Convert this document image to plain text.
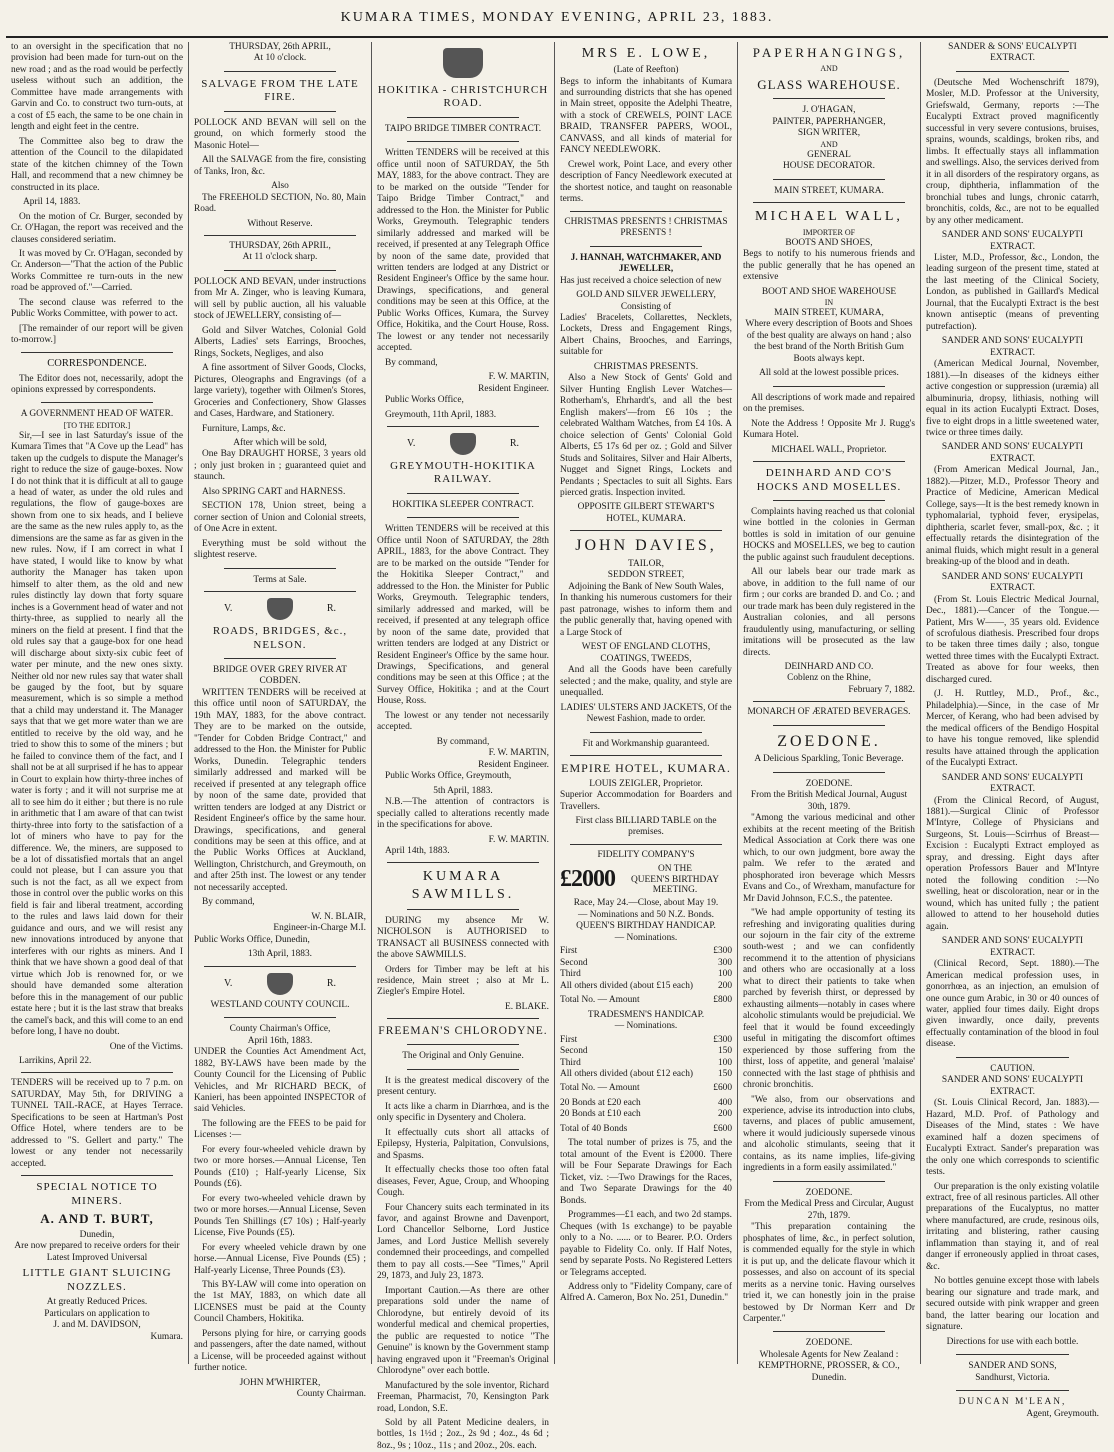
KUMARA TIMES, MONDAY EVENING, APRIL 23, 1883.

to an oversight in the specification that no provision had been made for turn-out on the new road ; and as the road would be perfectly useless without such an addition, the Committee have made arrangements with Garvin and Co. to construct two turn-outs, at a cost of £5 each, the same to be one chain in length and eight feet in the centre.

The Committee also beg to draw the attention of the Council to the dilapidated state of the kitchen chimney of the Town Hall, and recommend that a new chimney be constructed in its place.

April 14, 1883.

On the motion of Cr. Burger, seconded by Cr. O'Hagan, the report was received and the clauses considered seriatim.

It was moved by Cr. O'Hagan, seconded by Cr. Anderson—"That the action of the Public Works Committee re turn-outs in the new road be approved of."—Carried.

The second clause was referred to the Public Works Committee, with power to act.

[The remainder of our report will be given to-morrow.]

CORRESPONDENCE.

The Editor does not, necessarily, adopt the opinions expressed by correspondents.

A GOVERNMENT HEAD OF WATER.
[TO THE EDITOR.]

Sir,—I see in last Saturday's issue of the Kumara Times that "A Cove up the Lead" has taken up the cudgels to dispute the Manager's right to reduce the size of gauge-boxes. Now I do not think that it is difficult at all to gauge a head of water, as under the old rules and regulations, the flow of gauge-boxes are shown from one to six heads, and I believe are the same as the new rules apply to, as the dimensions are the same as far as given in the new rules. Now, if I am correct in what I have stated, I would like to know by what authority the Manager has taken upon himself to alter them, as the old and new rules distinctly lay down that forty square inches is a Government head of water and not thirty-three, as supplied to nearly all the miners on the field at present. I find that the old rules say that a gauge-box for one head will discharge about sixty-six cubic feet of water per minute, and the new ones sixty. Neither old nor new rules say that water shall be gauged by the foot, but by square measurement, which is so simple a method that a child may understand it. The Manager says that that we get more water than we are entitled to receive by the old way, and he tried to show this to some of the miners ; but he failed to convince them of the fact, and I shall not be at all surprised if he has to appear in Court to explain how thirty-three inches of water is forty ; and it will not surprise me at all to see him do it either ; but there is no rule in arithmetic that I am aware of that can twist thirty-three into forty to the satisfaction of a lot of miners who have to pay for the difference. We, the miners, are supposed to be a lot of dissatisfied mortals that an angel could not please, but I can assure you that such is not the fact, as all we expect from those in control over the public works on this field is fair and liberal treatment, according to the rules and laws laid down for their guidance and ours, and we will resist any new innovations introduced by anyone that interferes with our rights as miners. And I think that we have shown a good deal of that virtue which Job is renowned for, or we should have demanded some alteration before this in the management of our public estate here ; but it is the last straw that breaks the camel's back, and this will come to an end before long, I have no doubt.

One of the Victims.

Larrikins, April 22.

TENDERS will be received up to 7 p.m. on SATURDAY, May 5th, for DRIVING a TUNNEL TAIL-RACE, at Hayes Terrace. Specifications to be seen at Hartman's Post Office Hotel, where tenders are to be addressed to "S. Gellert and party." The lowest or any tender not necessarily accepted.

SPECIAL NOTICE TO MINERS.
A. AND T. BURT,
Dunedin,
Are now prepared to receive orders for their
Latest Improved Universal
LITTLE GIANT SLUICING NOZZLES.
At greatly Reduced Prices.
Particulars on application to
J. and M. DAVIDSON,
Kumara.
THURSDAY, 26th APRIL,
At 10 o'clock.
SALVAGE FROM THE LATE FIRE.

POLLOCK AND BEVAN will sell on the ground, on which formerly stood the Masonic Hotel—

All the SALVAGE from the fire, consisting of Tanks, Iron, &c.

Also

The FREEHOLD SECTION, No. 80, Main Road.

Without Reserve.
THURSDAY, 26th APRIL,
At 11 o'clock sharp.

POLLOCK AND BEVAN, under instructions from Mr A. Zinger, who is leaving Kumara, will sell by public auction, all his valuable stock of JEWELLERY, consisting of—

Gold and Silver Watches, Colonial Gold Alberts, Ladies' sets Earrings, Brooches, Rings, Sockets, Negliges, and also

A fine assortment of Silver Goods, Clocks, Pictures, Oleographs and Engravings (of a large variety), together with Oilmen's Stores, Groceries and Confectionery, Show Glasses and Cases, Hardware, and Stationery.

Furniture, Lamps, &c.

After which will be sold,

One Bay DRAUGHT HORSE, 3 years old ; only just broken in ; guaranteed quiet and staunch.

Also SPRING CART and HARNESS.

SECTION 178, Union street, being a corner section of Union and Colonial streets, of One Acre in extent.

Everything must be sold without the slightest reserve.

Terms at Sale.
V.	R.
ROADS, BRIDGES, &c., NELSON.
BRIDGE OVER GREY RIVER AT COBDEN.

WRITTEN TENDERS will be received at this office until noon of SATURDAY, the 19th MAY, 1883, for the above contract. They are to be marked on the outside, "Tender for Cobden Bridge Contract," and addressed to the Hon. the Minister for Public Works, Dunedin. Telegraphic tenders similarly addressed and marked will be received if presented at any telegraph office by noon of the same date, provided that written tenders are lodged at any District or Resident Engineer's office by the same hour. Drawings, specifications, and general conditions may be seen at this office, and at the Public Works Offices at Auckland, Wellington, Christchurch, and Greymouth, on and after 25th inst. The lowest or any tender not necessarily accepted.

By command,

W. N. BLAIR,
Engineer-in-Charge M.I.

Public Works Office, Dunedin,

13th April, 1883.
V.	R.
WESTLAND COUNTY COUNCIL.
County Chairman's Office,
April 16th, 1883.

UNDER the Counties Act Amendment Act, 1882, BY-LAWS have been made by the County Council for the Licensing of Public Vehicles, and Mr RICHARD BECK, of Kanieri, has been appointed INSPECTOR of said Vehicles.

The following are the FEES to be paid for Licenses :—

For every four-wheeled vehicle drawn by two or more horses.—Annual License, Ten Pounds (£10) ; Half-yearly License, Six Pounds (£6).

For every two-wheeled vehicle drawn by two or more horses.—Annual License, Seven Pounds Ten Shillings (£7 10s) ; Half-yearly License, Five Pounds (£5).

For every wheeled vehicle drawn by one horse.—Annual License, Five Pounds (£5) ; Half-yearly License, Three Pounds (£3).

This BY-LAW will come into operation on the 1st MAY, 1883, on which date all LICENSES must be paid at the County Council Chambers, Hokitika.

Persons plying for hire, or carrying goods and passengers, after the date named, without a License, will be proceeded against without further notice.

JOHN M'WHIRTER,
County Chairman.
HOKITIKA - CHRISTCHURCH ROAD.
TAIPO BRIDGE TIMBER CONTRACT.

Written TENDERS will be received at this office until noon of SATURDAY, the 5th MAY, 1883, for the above contract. They are to be marked on the outside "Tender for Taipo Bridge Timber Contract," and addressed to the Hon. the Minister for Public Works, Greymouth. Telegraphic tenders similarly addressed and marked will be received, if presented at any Telegraph Office by noon of the same date, provided that written tenders are lodged at any District or Resident Engineer's Office by the same hour. Drawings, specifications, and general conditions may be seen at this Office, at the Public Works Offices, Kumara, the Survey Office, Hokitika, and the Court House, Ross. The lowest or any tender not necessarily accepted.

By command,

F. W. MARTIN,
Resident Engineer.

Public Works Office,

Greymouth, 11th April, 1883.

V.	R.
GREYMOUTH-HOKITIKA RAILWAY.
HOKITIKA SLEEPER CONTRACT.

Written TENDERS will be received at this Office until Noon of SATURDAY, the 28th APRIL, 1883, for the above Contract. They are to be marked on the outside "Tender for the Hokitika Sleeper Contract," and addressed to the Hon. the Minister for Public Works, Greymouth. Telegraphic tenders, similarly addressed and marked, will be received, if presented at any telegraph office by noon of the same date, provided that written tenders are lodged at any District or Resident Engineer's Office by the same hour. Drawings, Specifications, and general conditions may be seen at this Office ; at the Survey Office, Hokitika ; and at the Court House, Ross.

The lowest or any tender not necessarily accepted.

By command,
F. W. MARTIN,
Resident Engineer.

Public Works Office, Greymouth,

5th April, 1883.

N.B.—The attention of contractors is specially called to alterations recently made in the specifications for above.

F. W. MARTIN.

April 14th, 1883.

KUMARA SAWMILLS.

DURING my absence Mr W. NICHOLSON is AUTHORISED to TRANSACT all BUSINESS connected with the above SAWMILLS.

Orders for Timber may be left at his residence, Main street ; also at Mr L. Ziegler's Empire Hotel.

E. BLAKE.
FREEMAN'S CHLORODYNE.
The Original and Only Genuine.

It is the greatest medical discovery of the present century.

It acts like a charm in Diarrhœa, and is the only specific in Dysentery and Cholera.

It effectually cuts short all attacks of Epilepsy, Hysteria, Palpitation, Convulsions, and Spasms.

It effectually checks those too often fatal diseases, Fever, Ague, Croup, and Whooping Cough.

Four Chancery suits each terminated in its favor, and against Browne and Davenport, Lord Chancellor Selborne, Lord Justice James, and Lord Justice Mellish severely condemned their proceedings, and compelled them to pay all costs.—See "Times," April 29, 1873, and July 23, 1873.

Important Caution.—As there are other preparations sold under the name of Chlorodyne, but entirely devoid of its wonderful medical and chemical properties, the public are requested to notice "The Genuine" is known by the Government stamp having engraved upon it "Freeman's Original Chlorodyne" over each bottle.

Manufactured by the sole inventor, Richard Freeman, Pharmacist, 70, Kensington Park road, London, S.E.

Sold by all Patent Medicine dealers, in bottles, 1s 1½d ; 2oz., 2s 9d ; 4oz., 4s 6d ; 8oz., 9s ; 10oz., 11s ; and 20oz., 20s. each.

MRS E. LOWE,
(Late of Reefton)

Begs to inform the inhabitants of Kumara and surrounding districts that she has opened in Main street, opposite the Adelphi Theatre, with a stock of CREWELS, POINT LACE BRAID, TRANSFER PAPERS, WOOL, CANVASS, and all kinds of material for FANCY NEEDLEWORK.

Crewel work, Point Lace, and every other description of Fancy Needlework executed at the shortest notice, and taught on reasonable terms.

CHRISTMAS PRESENTS ! CHRISTMAS PRESENTS !
J. HANNAH, WATCHMAKER, AND JEWELLER,

Has just received a choice selection of new

GOLD AND SILVER JEWELLERY,
Consisting of

Ladies' Bracelets, Collarettes, Necklets, Lockets, Dress and Engagement Rings, Albert Chains, Brooches, and Earrings, suitable for

CHRISTMAS PRESENTS.

Also a New Stock of Gents' Gold and Silver Hunting English Lever Watches—Rotherham's, Ehrhardt's, and all the best English makers'—from £6 10s ; the celebrated Waltham Watches, from £4 10s. A choice selection of Gents' Colonial Gold Alberts, £5 17s 6d per oz. ; Gold and Silver Studs and Solitaires, Silver and Hair Alberts, Nugget and Signet Rings, Lockets and Pendants ; Spectacles to suit all Sights. Ears pierced gratis. Inspection invited.

OPPOSITE GILBERT STEWART'S HOTEL, KUMARA.
JOHN DAVIES,
TAILOR,
SEDDON STREET,
Adjoining the Bank of New South Wales,

In thanking his numerous customers for their past patronage, wishes to inform them and the public generally that, having opened with a Large Stock of

WEST OF ENGLAND CLOTHS, COATINGS, TWEEDS,

And all the Goods have been carefully selected ; and the make, quality, and style are unequalled.

LADIES' ULSTERS AND JACKETS, Of the Newest Fashion, made to order.
Fit and Workmanship guaranteed.
EMPIRE HOTEL, KUMARA.
LOUIS ZEIGLER, Proprietor.

Superior Accommodation for Boarders and Travellers.

First class BILLIARD TABLE on the premises.
FIDELITY COMPANY'S
£2000	ON THE
QUEEN'S BIRTHDAY MEETING.
Race, May 24.—Close, about May 19.
— Nominations and 50 N.Z. Bonds.
QUEEN'S BIRTHDAY HANDICAP.
— Nominations.
First	£300
Second	300
Third	100
All others divided (about £15 each)	200
Total No. — Amount	£800
TRADESMEN'S HANDICAP.
— Nominations.
First	£300
Second	150
Third	100
All others divided (about £12 each)	150
Total No. — Amount	£600
20 Bonds at £20 each	400
20 Bonds at £10 each	200
Total of 40 Bonds	£600

The total number of prizes is 75, and the total amount of the Event is £2000. There will be Four Separate Drawings for Each Ticket, viz. :—Two Drawings for the Races, and Two Separate Drawings for the 40 Bonds.

Programmes—£1 each, and two 2d stamps. Cheques (with 1s exchange) to be payable only to a No. ...... or to Bearer. P.O. Orders payable to Fidelity Co. only. If Half Notes, send by separate Posts. No Registered Letters or Telegrams accepted.

Address only to "Fidelity Company, care of Alfred A. Cameron, Box No. 251, Dunedin."

PAPERHANGINGS,
AND
GLASS WAREHOUSE.
J. O'HAGAN,
PAINTER, PAPERHANGER,
SIGN WRITER,
AND
GENERAL
HOUSE DECORATOR.
MAIN STREET, KUMARA.
MICHAEL WALL,
IMPORTER OF
BOOTS AND SHOES,

Begs to notify to his numerous friends and the public generally that he has opened an extensive

BOOT AND SHOE WAREHOUSE
IN
MAIN STREET, KUMARA,

Where every description of Boots and Shoes of the best quality are always on hand ; also the best brand of the North British Gum Boots always kept.

All sold at the lowest possible prices.

All descriptions of work made and repaired on the premises.

Note the Address ! Opposite Mr J. Rugg's Kumara Hotel.

MICHAEL WALL, Proprietor.
DEINHARD AND CO'S HOCKS AND MOSELLES.

Complaints having reached us that colonial wine bottled in the colonies in German bottles is sold in imitation of our genuine HOCKS and MOSELLES, we beg to caution the public against such fraudulent deceptions.

All our labels bear our trade mark as above, in addition to the full name of our firm ; our corks are branded D. and Co. ; and our trade mark has been duly registered in the Australian colonies, and all persons fraudulently using, manufacturing, or selling imitations will be prosecuted as the law directs.

DEINHARD AND CO.
Coblenz on the Rhine,
February 7, 1882.
MONARCH OF ÆRATED BEVERAGES.
ZOEDONE.
A Delicious Sparkling, Tonic Beverage.
ZOEDONE.
From the British Medical Journal, August 30th, 1879.

"Among the various medicinal and other exhibits at the recent meeting of the British Medical Association at Cork there was one which, to our own judgment, bore away the palm. We refer to the ærated and phosphorated iron beverage which Messrs Evans and Co., of Wrexham, manufacture for Mr David Johnson, F.C.S., the patentee.

"We had ample opportunity of testing its refreshing and invigorating qualities during our sojourn in the fair city of the extreme south-west ; and we can confidently recommend it to the attention of physicians and others who are occasionally at a loss what to direct their patients to take when parched by feverish thirst, or depressed by exhausting ailments—notably in cases where alcoholic stimulants would be prejudicial. We feel that it would be found exceedingly useful in mitigating the discomfort oftimes experienced by those suffering from the thirst, loss of appetite, and general 'malaise' connected with the last stage of phthisis and chronic bronchitis.

"We also, from our observations and experience, advise its introduction into clubs, taverns, and places of public amusement, where it would judiciously supersede vinous and alcoholic stimulants, seeing that it contains, as its name implies, life-giving ingredients in a form easily assimilated."

ZOEDONE.
From the Medical Press and Circular, August 27th, 1879.

"This preparation containing the phosphates of lime, &c., in perfect solution, is commended equally for the style in which it is put up, and the delicate flavour which it possesses, and also on account of its special merits as a nervine tonic. Having ourselves tried it, we can honestly join in the praise bestowed by Dr Norman Kerr and Dr Carpenter."

ZOEDONE.
Wholesale Agents for New Zealand :
KEMPTHORNE, PROSSER, & CO.,
Dunedin.
SANDER & SONS' EUCALYPTI EXTRACT.

(Deutsche Med Wochenschrift 1879), Mosler, M.D. Professor at the University, Griefswald, Germany, reports :—The Eucalypti Extract proved magnificently successful in very severe contusions, bruises, sprains, wounds, scaldings, broken ribs, and limbs. It effectually stays all inflammation and swellings. Also, the services derived from it in all disorders of the respiratory organs, as croup, diphtheria, inflammation of the bronchial tubes and lungs, chronic catarrh, bronchitis, colds, &c., are not to be equalled by any other medicament.

SANDER AND SONS' EUCALYPTI EXTRACT.

Lister, M.D., Professor, &c., London, the leading surgeon of the present time, stated at the last meeting of the Clinical Society, London, as published in Gaillard's Medical Journal, that the Eucalypti Extract is the best known antiseptic (means of preventing putrefaction).

SANDER AND SONS' EUCALYPTI EXTRACT.

(American Medical Journal, November, 1881).—In diseases of the kidneys either active congestion or suppression (uræmia) all albuminuria, dropsy, lithiasis, nothing will equal in its action Eucalypti Extract. Doses, five to eight drops in a little sweetened water, twice or three times daily.

SANDER AND SONS' EUCALYPTI EXTRACT.

(From American Medical Journal, Jan., 1882).—Pitzer, M.D., Professor Theory and Practice of Medicine, American Medical College, says—It is the best remedy known in typhomalarial, typhoid fever, erysipelas, diphtheria, scarlet fever, small-pox, &c. ; it effectually retards the disintegration of the animal fluids, which might result in a general breaking-up of the blood and in death.

SANDER AND SONS' EUCALYPTI EXTRACT.

(From St. Louis Electric Medical Journal, Dec., 1881).—Cancer of the Tongue.—Patient, Mrs W——, 35 years old. Evidence of scrofulous diathesis. Prescribed four drops to be taken three times daily ; also, tongue wetted three times with the Eucalypti Extract. Treated as above for four weeks, then discharged cured.

(J. H. Ruttley, M.D., Prof., &c., Philadelphia).—Since, in the case of Mr Mercer, of Kerang, who had been advised by the medical officers of the Bendigo Hospital to have his tongue removed, like splendid results have attained through the application of the Eucalypti Extract.

SANDER AND SONS' EUCALYPTI EXTRACT.

(From the Clinical Record, of August, 1881).—Surgical Clinic of Professor M'Intyre, College of Physicians and Surgeons, St. Louis—Scirrhus of Breast—Excision : Eucalypti Extract employed as spray, and dressing. Eight days after operation Professors Bauer and M'Intyre noted the following condition :—No swelling, heat or discoloration, near or in the wound, which has united fully ; the patient allowed to attend to her household duties again.

SANDER AND SONS' EUCALYPTI EXTRACT.

(Clinical Record, Sept. 1880).—The American medical profession uses, in gonorrhœa, as an injection, an emulsion of one ounce gum Arabic, in 30 or 40 ounces of water, applied four times daily. Eight drops given inwardly, once daily, prevents effectually contamination of the blood in foul disease.

CAUTION.
SANDER AND SONS' EUCALYPTI EXTRACT.

(St. Louis Clinical Record, Jan. 1883).—Hazard, M.D. Prof. of Pathology and Diseases of the Mind, states : We have examined half a dozen specimens of Eucalypti Extract. Sander's preparation was the only one which corresponds to scientific tests.

Our preparation is the only existing volatile extract, free of all resinous particles. All other preparations of the Eucalyptus, no matter where manufactured, are crude, resinous oils, irritating and blistering, rather causing inflammation than staying it, and of real danger if erroneously applied in throat cases, &c.

No bottles genuine except those with labels bearing our signature and trade mark, and secured outside with pink wrapper and green band, the latter bearing our location and signature.

Directions for use with each bottle.
SANDER AND SONS,
Sandhurst, Victoria.
DUNCAN M'LEAN,
Agent, Greymouth.
